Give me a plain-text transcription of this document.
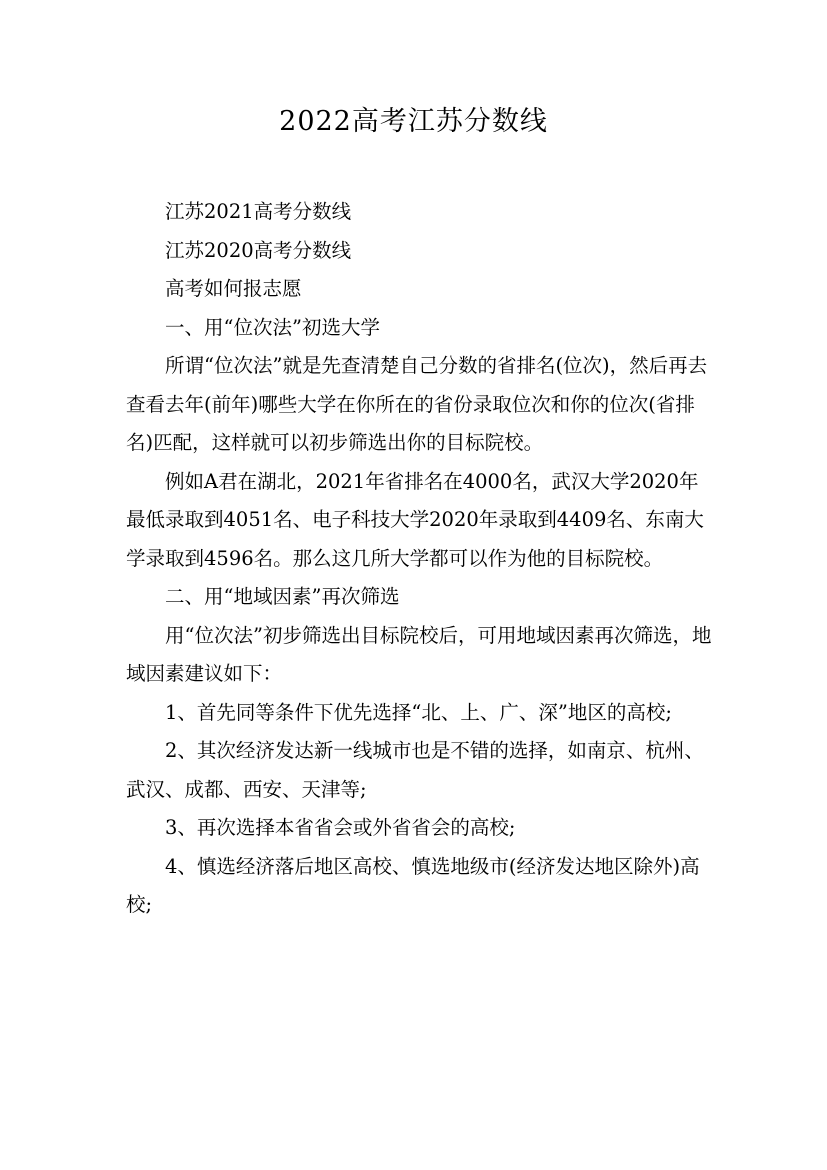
2022高考江苏分数线

江苏2021高考分数线

江苏2020高考分数线

高考如何报志愿

一、用“位次法”初选大学

所谓“位次法”就是先查清楚自己分数的省排名(位次)，然后再去查看去年(前年)哪些大学在你所在的省份录取位次和你的位次(省排名)匹配，这样就可以初步筛选出你的目标院校。

例如A君在湖北，2021年省排名在4000名，武汉大学2020年最低录取到4051名、电子科技大学2020年录取到4409名、东南大学录取到4596名。那么这几所大学都可以作为他的目标院校。

二、用“地域因素”再次筛选

用“位次法”初步筛选出目标院校后，可用地域因素再次筛选，地域因素建议如下：

1、首先同等条件下优先选择“北、上、广、深”地区的高校;

2、其次经济发达新一线城市也是不错的选择，如南京、杭州、武汉、成都、西安、天津等;

3、再次选择本省省会或外省省会的高校;

4、慎选经济落后地区高校、慎选地级市(经济发达地区除外)高校;
